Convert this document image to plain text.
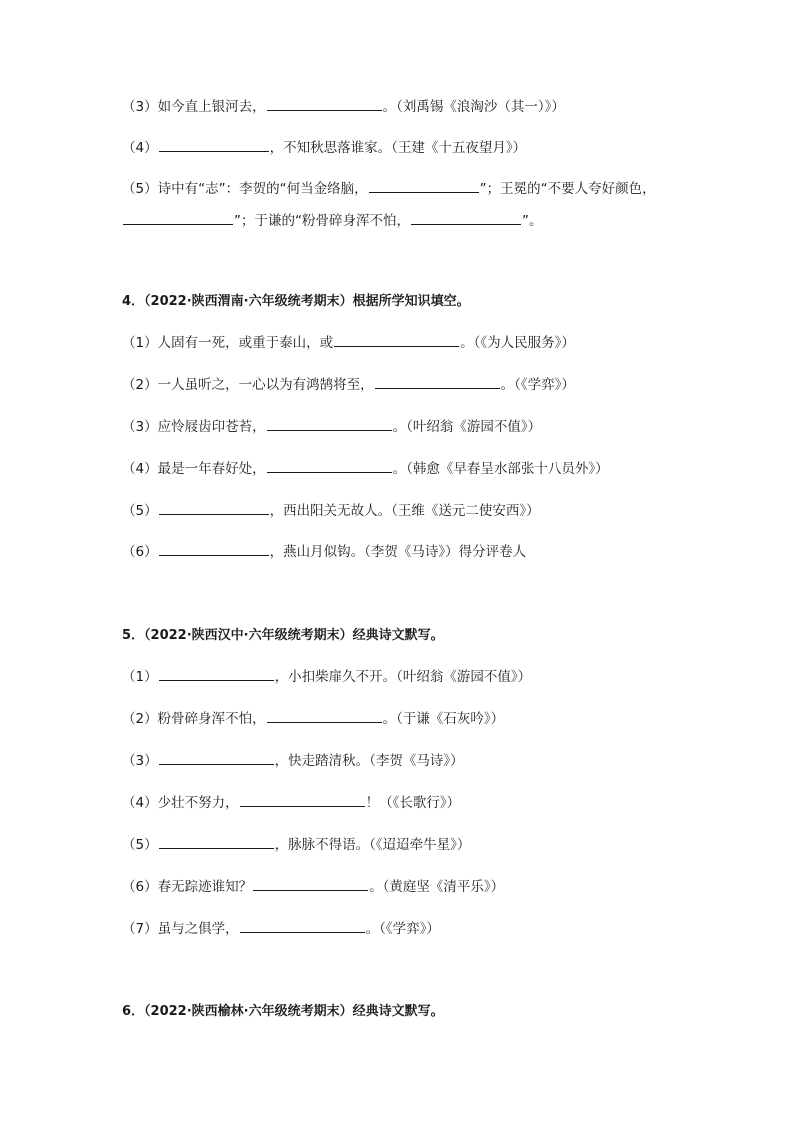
（3）如今直上银河去，	。（刘禹锡《浪淘沙（其一）》）
（4）	，不知秋思落谁家。（王建《十五夜望月》）
（5）诗中有“志”：李贺的“何当金络脑，	”；王冕的“不要人夸好颜色，
”；于谦的“粉骨碎身浑不怕，	”。
4．（2022·陕西渭南·六年级统考期末）根据所学知识填空。
（1）人固有一死，或重于泰山，或	。（《为人民服务》）
（2）一人虽听之，一心以为有鸿鹄将至，	。（《学弈》）
（3）应怜屐齿印苍苔，	。（叶绍翁《游园不值》）
（4）最是一年春好处，	。（韩愈《早春呈水部张十八员外》）
（5）	，西出阳关无故人。（王维《送元二使安西》）
（6）	，燕山月似钩。（李贺《马诗》）得分评卷人
5．（2022·陕西汉中·六年级统考期末）经典诗文默写。
（1）	，小扣柴扉久不开。（叶绍翁《游园不值》）
（2）粉骨碎身浑不怕，	。（于谦《石灰吟》）
（3）	，快走踏清秋。（李贺《马诗》）
（4）少壮不努力，	！（《长歌行》）
（5）	，脉脉不得语。（《迢迢牵牛星》）
（6）春无踪迹谁知？	。（黄庭坚《清平乐》）
（7）虽与之俱学，	。（《学弈》）
6．（2022·陕西榆林·六年级统考期末）经典诗文默写。
